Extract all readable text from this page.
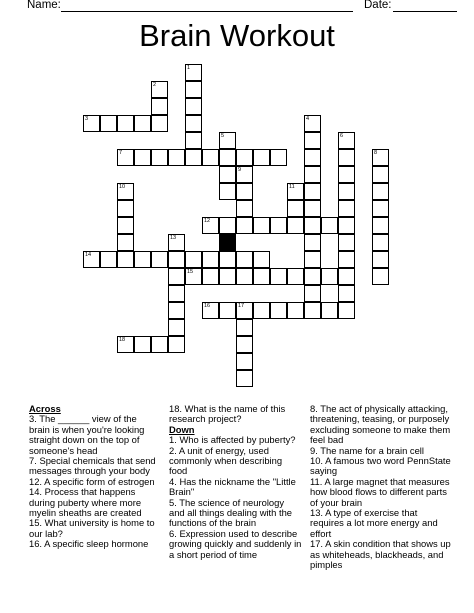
Name:	Date:
Brain Workout
1
2
3	4
5	6
7	8
9
10	11
12
13
14
15
16	17
18

Across

3. The ______ view of the brain is when you're looking straight down on the top of someone's head

7. Special chemicals that send messages through your body

12. A specific form of estrogen

14. Process that happens during puberty where more myelin sheaths are created

15. What university is home to our lab?

16. A specific sleep hormone

18. What is the name of this research project?

Down

1. Who is affected by puberty?

2. A unit of energy, used commonly when describing food

4. Has the nickname the "Little Brain"

5. The science of neurology and all things dealing with the functions of the brain

6. Expression used to describe growing quickly and suddenly in a short period of time

8. The act of physically attacking, threatening, teasing, or purposely excluding someone to make them feel bad

9. The name for a brain cell

10. A famous two word PennState saying

11. A large magnet that measures how blood flows to different parts of your brain

13. A type of exercise that requires a lot more energy and effort

17. A skin condition that shows up as whiteheads, blackheads, and pimples
